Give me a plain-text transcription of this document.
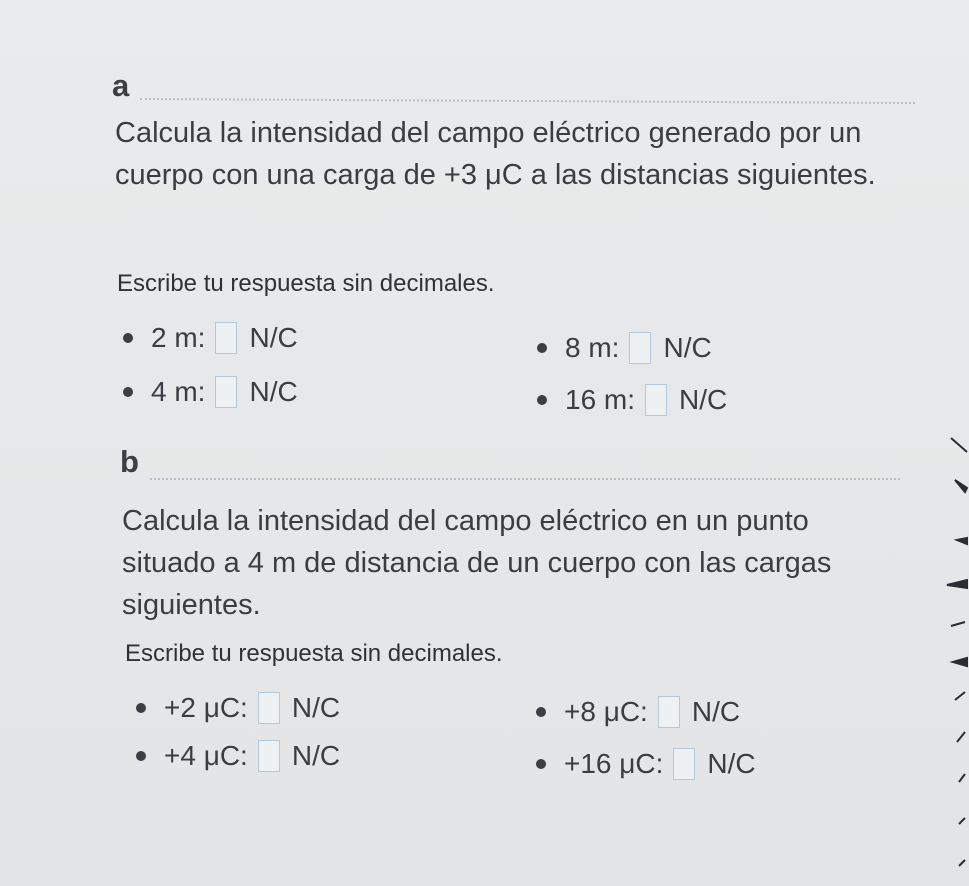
a

Calcula la intensidad del campo eléctrico generado por un cuerpo con una carga de +3 μC a las distancias siguientes.

Escribe tu respuesta sin decimales.

2 m: N/C	8 m: N/C
4 m: N/C	16 m: N/C
b

Calcula la intensidad del campo eléctrico en un punto situado a 4 m de distancia de un cuerpo con las cargas siguientes.

Escribe tu respuesta sin decimales.

+2 μC: N/C	+8 μC: N/C
+4 μC: N/C	+16 μC: N/C
